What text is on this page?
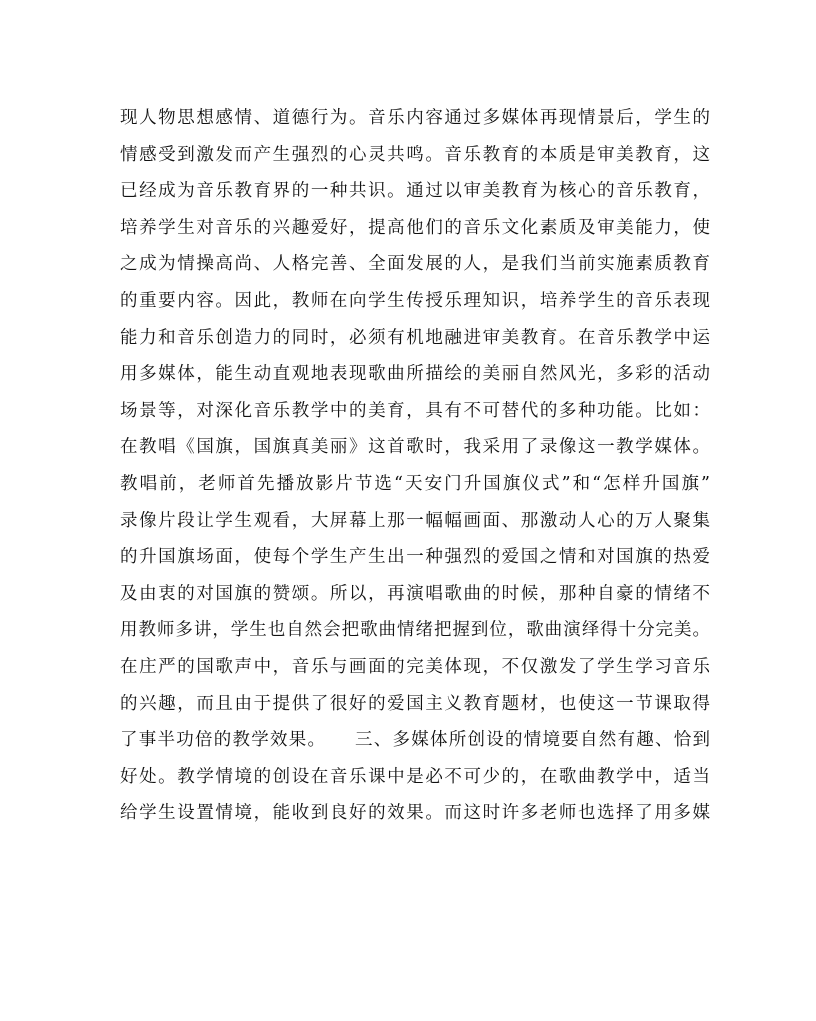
现人物思想感情、道德行为。音乐内容通过多媒体再现情景后，学生的
情感受到激发而产生强烈的心灵共鸣。音乐教育的本质是审美教育，这
已经成为音乐教育界的一种共识。通过以审美教育为核心的音乐教育，
培养学生对音乐的兴趣爱好，提高他们的音乐文化素质及审美能力，使
之成为情操高尚、人格完善、全面发展的人，是我们当前实施素质教育
的重要内容。因此，教师在向学生传授乐理知识，培养学生的音乐表现
能力和音乐创造力的同时，必须有机地融进审美教育。在音乐教学中运
用多媒体，能生动直观地表现歌曲所描绘的美丽自然风光，多彩的活动
场景等，对深化音乐教学中的美育，具有不可替代的多种功能。比如：
在教唱《国旗，国旗真美丽》这首歌时，我采用了录像这一教学媒体。
教唱前，老师首先播放影片节选“天安门升国旗仪式”和“怎样升国旗”
录像片段让学生观看，大屏幕上那一幅幅画面、那激动人心的万人聚集
的升国旗场面，使每个学生产生出一种强烈的爱国之情和对国旗的热爱
及由衷的对国旗的赞颂。所以，再演唱歌曲的时候，那种自豪的情绪不
用教师多讲，学生也自然会把歌曲情绪把握到位，歌曲演绎得十分完美。
在庄严的国歌声中，音乐与画面的完美体现，不仅激发了学生学习音乐
的兴趣，而且由于提供了很好的爱国主义教育题材，也使这一节课取得
了事半功倍的教学效果。　　三、多媒体所创设的情境要自然有趣、恰到
好处。教学情境的创设在音乐课中是必不可少的，在歌曲教学中，适当
给学生设置情境，能收到良好的效果。而这时许多老师也选择了用多媒
